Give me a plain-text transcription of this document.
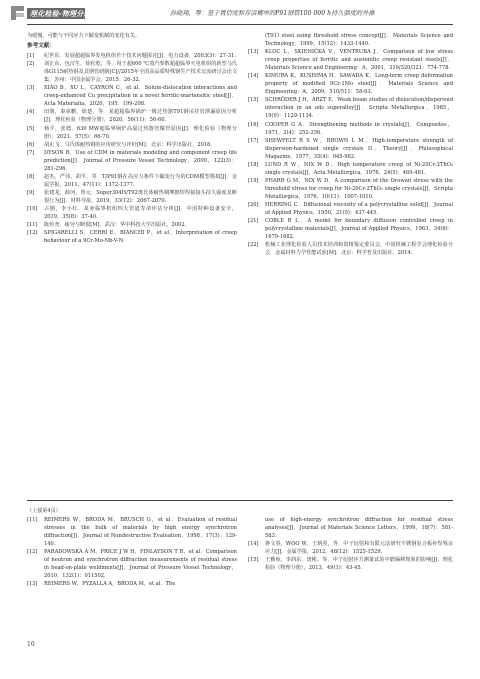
理化检验-物理分册	孙晓翔，等：基于置信度和存活概率的P91钢管100 000 h持久强度的外推

为缓慢，可能与不同应力下蠕变机制的变化有关。

参考文献：

[1] 纪世东．发展超超临界发电机组若干技术问题探讨[J]．电力设备，2003(3)：27-31.

[2] 刘正东，包汉生，徐松乾，等．用于超600 ℃蒸汽参数超超临界火电机组的新型马氏体G115耐热钢及其钢管研制[C]//2015年全国高品质特殊钢生产技术交流研讨会论文集．苏州：中国金属学会，2015：26-32.

[3] XIAO B，XU L，CAYRON C，et al．Solute-dislocation interactions and creep-enhanced Cu precipitation in a novel ferritic-martensitic steel[J]．Acta Materialia，2020，195：199-208.

[4] 田骏，秦承鹏，徐楚，等．某超超临界锅炉一级过热器T91钢吊挂管泄漏原因分析[J]．理化检验（物理分册），2020，56(11)：56-60.

[5] 杨平，张德．630 MW超临界锅炉高温过热器管爆管原因[J]．理化检验（物理分册），2021，57(5)：66-70.

[6] 胡正飞．马氏体耐热钢的应用研究与评价[M]．北京：科学出版社，2018.

[7] DYSON B．Use of CDM in materials modeling and component creep life prediction[J]．Journal of Pressure Vessel Technology，2000，122(3)：281-296.

[8] 赵杰，严伟，胡平，等．T/P91钢在高应力条件下蠕变行为的CDM模型模拟[J]．金属学报，2011，47(11)：1372-1377.

[9] 张建龙，薛河，鲁元．Super304H/T92奥氏体耐热钢摩擦焊焊接接头持久强度及断裂行为[J]．材料导报，2019，33(12)：2067-2070.

[10] 占刚，李小红．某亚临界机组四大管道寿命评估分析[J]．中国特种设备安全，2019，35(8)：37-40.

[11] 陈传尧．疲劳与断裂[M]．武汉：华中科技大学出版社，2002.

[12] SPIGARELLI S，CERRI E，BIANCHI P，et al．Interpretation of creep behaviour of a 9Cr-Mo-Nb-V-N

(T91) steel using threshold stress concept[J]．Materials Science and Technology，1999，15(12)：1433-1440.

[13] KLOC L，SKIENIČKA V，VENTRUBA J．Comparison of low stress creep properties of ferritic and austenitic creep resistant steels[J]．Materials Science and Engineering：A，2001，319/320/321：774-778.

[14] KIMURA K，KUSHIMA H，SAWADA K．Long-term creep deformation property of modified 9Cr-1Mo steel[J]．Materials Science and Engineering：A，2009，510/511：58-63.

[15] SCHRÖDER J H，ARZT E．Weak beam studies of dislocation/dispersoid interaction in an ods superalloy[J]．Scripta Metallurgica，1985，19(9)：1129-1134.

[16] COOPER G A．Strengthening methods in crystals[J]．Composites，1971，2(4)：252-256.

[17] SHEWFELT R S W，BROWN L M．High-temperature strength of dispersion-hardened single crystals II．Theory[J]．Philosophical Magazine，1977，35(4)：945-962.

[18] LUND R W，NIX W D．High temperature creep of Ni-20Cr-2ThO₂ single crystals[J]．Acta Metallurgica，1976，24(5)：469-481.

[19] PHARR G M，NIX W D．A comparison of the Orowan stress with the threshold stress for creep for Ni-20Cr-2ThO₂ single crystals[J]．Scripta Metallurgica，1976，10(11)：1007-1010.

[20] HERRING C．Diffusional viscosity of a polycrystalline solid[J]．Journal of Applied Physics，1950，21(5)：437-445.

[21] COBLE R L．A model for boundary diffusion controlled creep in polycrystalline materials[J]．Journal of Applied Physics，1963，34(6)：1679-1682.

[22] 机械工业理化检验人员技术培训和资格鉴定委员会，中国机械工程学会理化检验分会．金属材料力学性能试验[M]．北京：科学普及出版社，2014.

（上接第4页）

[11] REIMERS W，BRODA M，BRUSCH G，et al．Evaluation of residual stresses in the bulk of materials by high energy synchrotron diffraction[J]．Journal of Nondestructive Evaluation，1998，17(3)：129-140.

[12] PARADOWSKA A M，PRICE J W H，FINLAYSON T R，et al．Comparison of neutron and synchrotron diffraction measurements of residual stress in bead-on-plate weldments[J]．Journal of Pressure Vessel Technology，2010，132(1)：011502.

[13] REIMERS W，PYZALLA A，BRODA M，et al．The

use of high-energy synchrotron diffraction for residual stress analyses[J]．Journal of Materials Science Letters，1999，18(7)：581-583.

[14] 蒋文春，WOO W，王炳英，等．中子衍射和有限元法研究不锈钢复合板补焊残余应力[J]．金属学报，2012，48(12)：1525-1529.

[15] 王雅琼，李润东，唐彬，等．中子衍射应力测量试验中磨偏移现象的影响[J]．理化检验（物理分册），2013，49(1)：43-45.

10
